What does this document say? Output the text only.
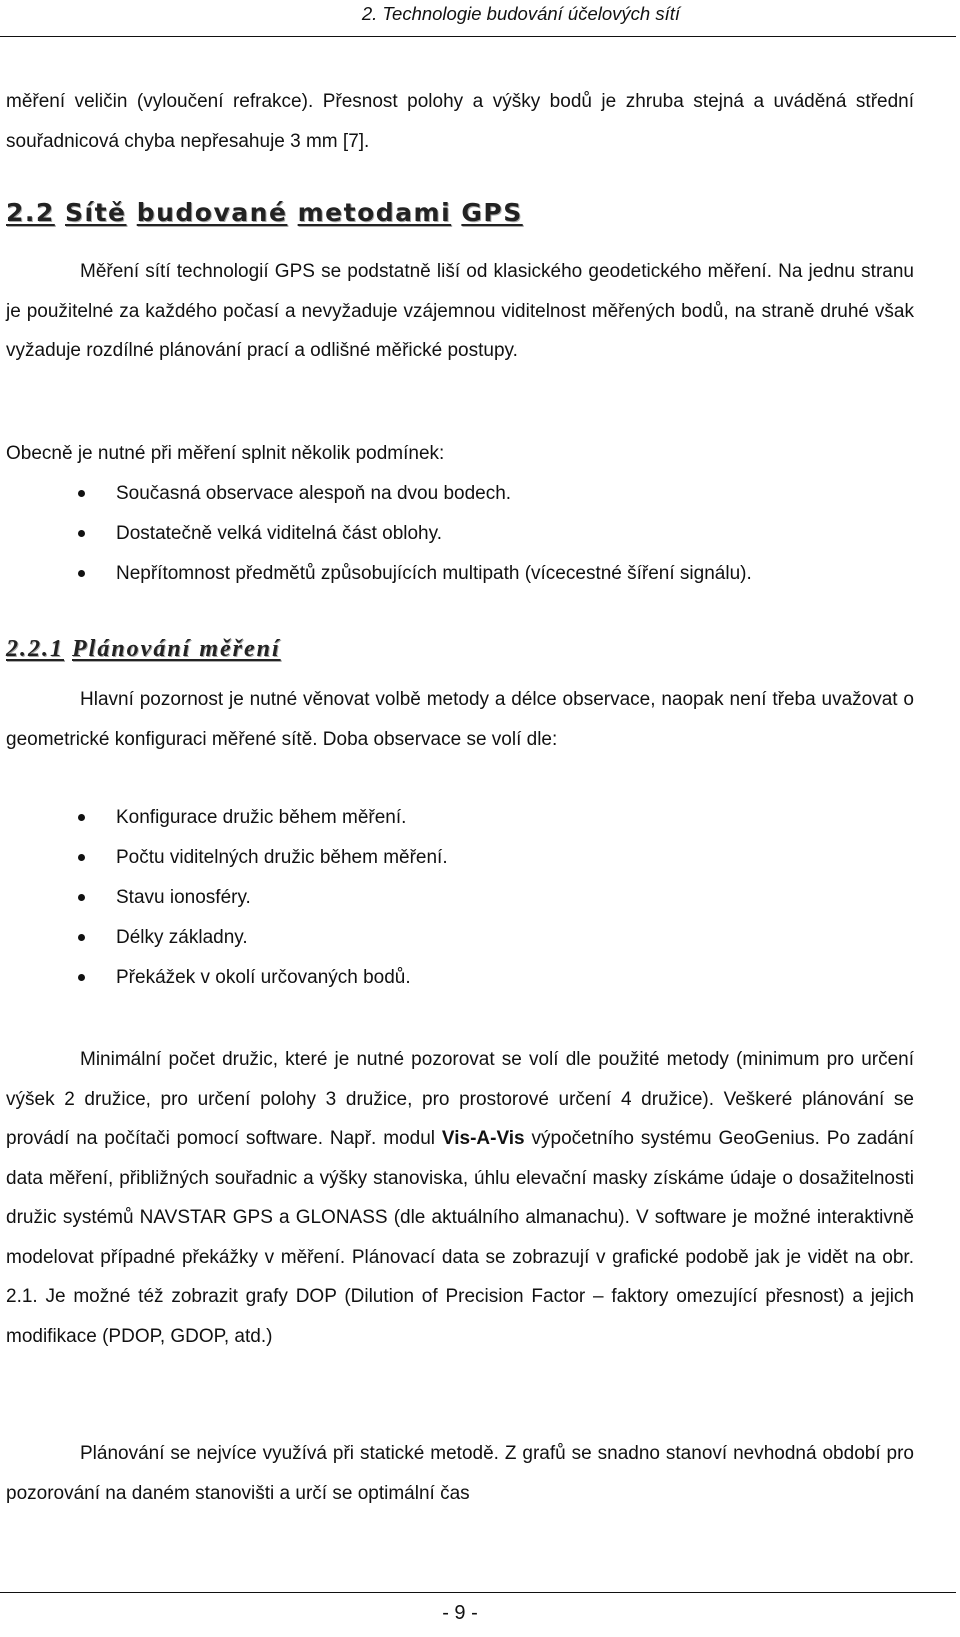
2. Technologie budování účelových sítí

měření veličin (vyloučení refrakce). Přesnost polohy a výšky bodů je zhruba stejná a uváděná střední souřadnicová chyba nepřesahuje 3 mm [7].

2.2 Sítě budované metodami GPS

Měření sítí technologií GPS se podstatně liší od klasického geodetického měření. Na jednu stranu je použitelné za každého počasí a nevyžaduje vzájemnou viditelnost měřených bodů, na straně druhé však vyžaduje rozdílné plánování prací a odlišné měřické postupy.

Obecně je nutné při měření splnit několik podmínek:

Současná observace alespoň na dvou bodech.
Dostatečně velká viditelná část oblohy.
Nepřítomnost předmětů způsobujících multipath (vícecestné šíření signálu).
2.2.1 Plánování měření

Hlavní pozornost je nutné věnovat volbě metody a délce observace, naopak není třeba uvažovat o geometrické konfiguraci měřené sítě. Doba observace se volí dle:

Konfigurace družic během měření.
Počtu viditelných družic během měření.
Stavu ionosféry.
Délky základny.
Překážek v okolí určovaných bodů.

Minimální počet družic, které je nutné pozorovat se volí dle použité metody (minimum pro určení výšek 2 družice, pro určení polohy 3 družice, pro prostorové určení 4 družice). Veškeré plánování se provádí na počítači pomocí software. Např. modul Vis-A-Vis výpočetního systému GeoGenius. Po zadání data měření, přibližných souřadnic a výšky stanoviska, úhlu elevační masky získáme údaje o dosažitelnosti družic systémů NAVSTAR GPS a GLONASS (dle aktuálního almanachu). V software je možné interaktivně modelovat případné překážky v měření. Plánovací data se zobrazují v grafické podobě jak je vidět na obr. 2.1. Je možné též zobrazit grafy DOP (Dilution of Precision Factor – faktory omezující přesnost) a jejich modifikace (PDOP, GDOP, atd.)

Plánování se nejvíce využívá při statické metodě. Z grafů se snadno stanoví nevhodná období pro pozorování na daném stanovišti a určí se optimální čas

- 9 -
